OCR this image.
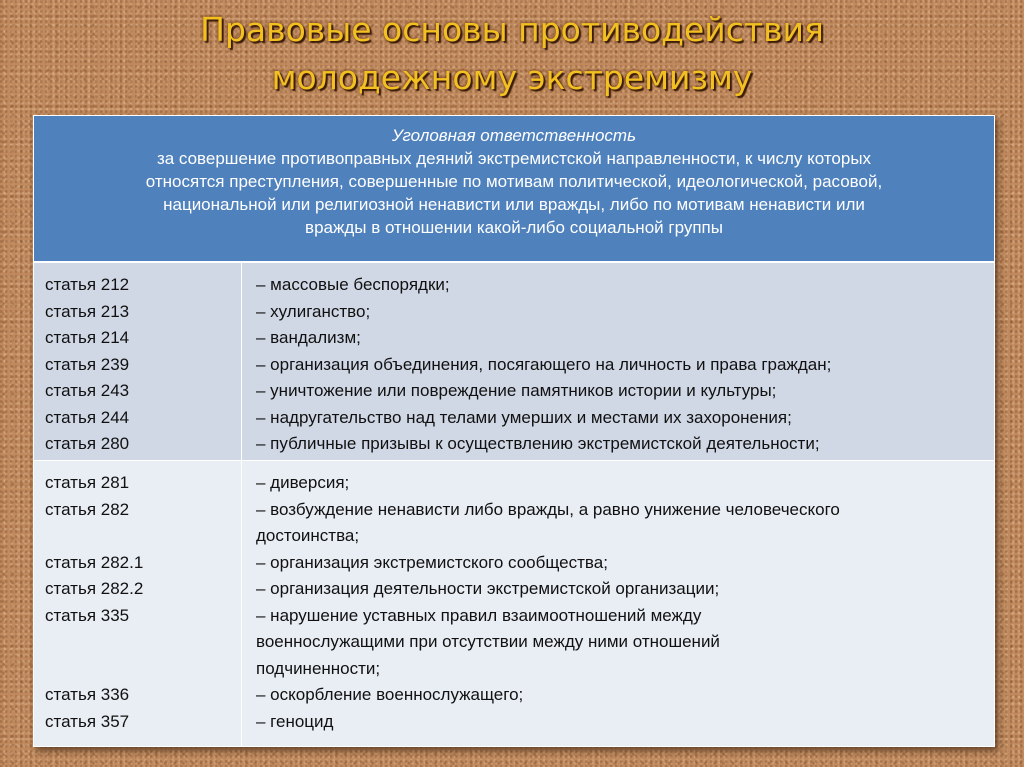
Правовые основы противодействия
молодежному экстремизму
Уголовная ответственность
за совершение противоправных деяний экстремистской направленности, к числу которых
относятся преступления, совершенные по мотивам политической, идеологической, расовой,
национальной или религиозной ненависти или вражды, либо по мотивам ненависти или
вражды в отношении какой-либо социальной группы
статья 212
статья 213
статья 214
статья 239
статья 243
статья 244
статья 280
– массовые беспорядки;
– хулиганство;
– вандализм;
– организация объединения, посягающего на личность и права граждан;
– уничтожение или повреждение памятников истории и культуры;
– надругательство над телами умерших и местами их захоронения;
– публичные призывы к осуществлению экстремистской деятельности;
статья 281
статья 282
статья 282.1
статья 282.2
статья 335
статья 336
статья 357
– диверсия;
– возбуждение ненависти либо вражды, а равно унижение человеческого
достоинства;
– организация экстремистского сообщества;
– организация деятельности экстремистской организации;
– нарушение уставных правил взаимоотношений между
военнослужащими при отсутствии между ними отношений
подчиненности;
– оскорбление военнослужащего;
– геноцид
